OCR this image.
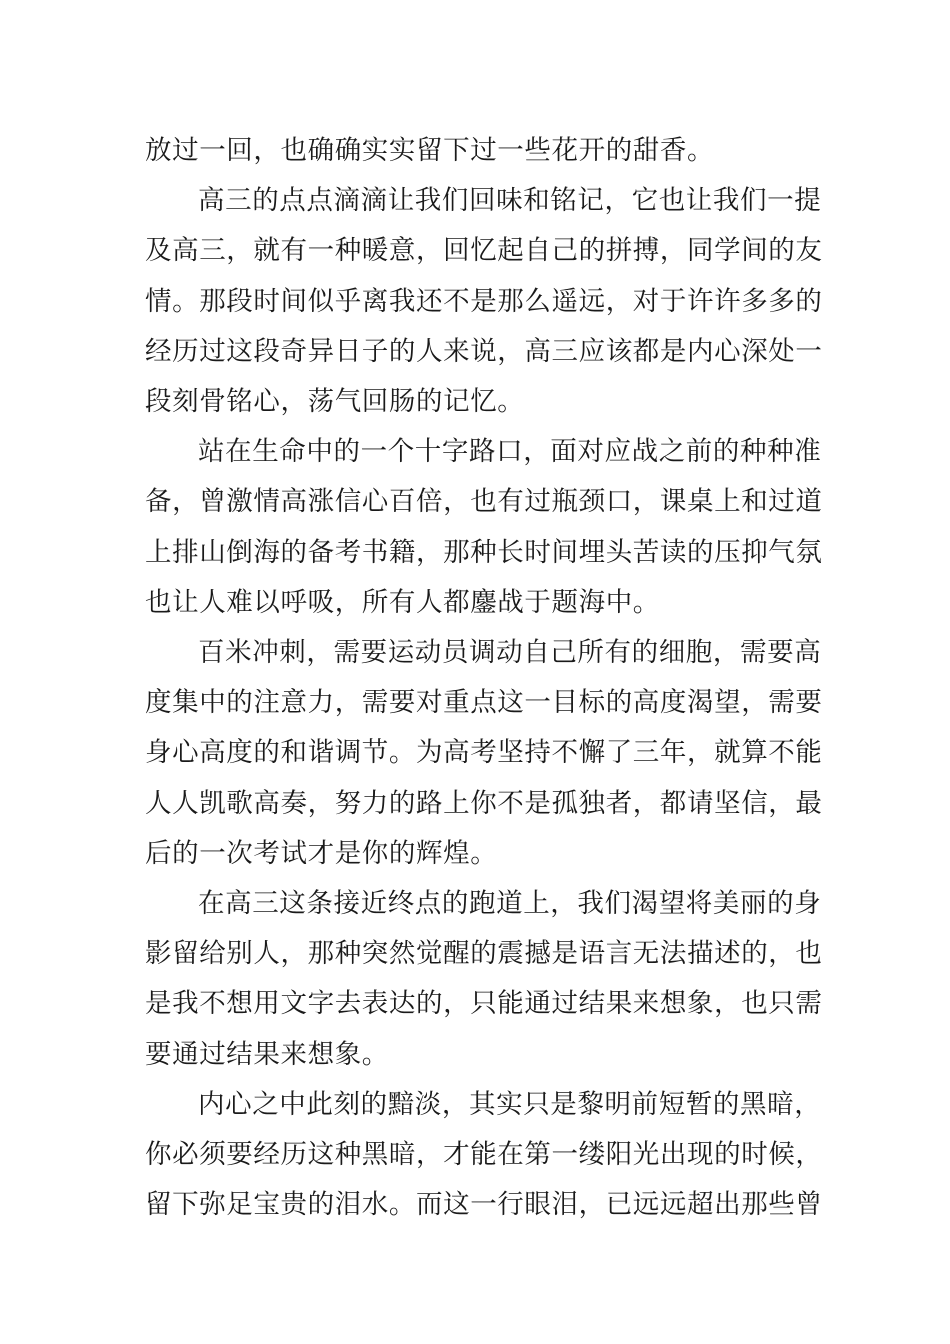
放过一回，也确确实实留下过一些花开的甜香。

高三的点点滴滴让我们回味和铭记，它也让我们一提
及高三，就有一种暖意，回忆起自己的拼搏，同学间的友
情。那段时间似乎离我还不是那么遥远，对于许许多多的
经历过这段奇异日子的人来说，高三应该都是内心深处一
段刻骨铭心，荡气回肠的记忆。

站在生命中的一个十字路口，面对应战之前的种种准
备，曾激情高涨信心百倍，也有过瓶颈口，课桌上和过道
上排山倒海的备考书籍，那种长时间埋头苦读的压抑气氛
也让人难以呼吸，所有人都鏖战于题海中。

百米冲刺，需要运动员调动自己所有的细胞，需要高
度集中的注意力，需要对重点这一目标的高度渴望，需要
身心高度的和谐调节。为高考坚持不懈了三年，就算不能
人人凯歌高奏，努力的路上你不是孤独者，都请坚信，最
后的一次考试才是你的辉煌。

在高三这条接近终点的跑道上，我们渴望将美丽的身
影留给别人，那种突然觉醒的震撼是语言无法描述的，也
是我不想用文字去表达的，只能通过结果来想象，也只需
要通过结果来想象。

内心之中此刻的黯淡，其实只是黎明前短暂的黑暗，
你必须要经历这种黑暗，才能在第一缕阳光出现的时候，
留下弥足宝贵的泪水。而这一行眼泪，已远远超出那些曾
